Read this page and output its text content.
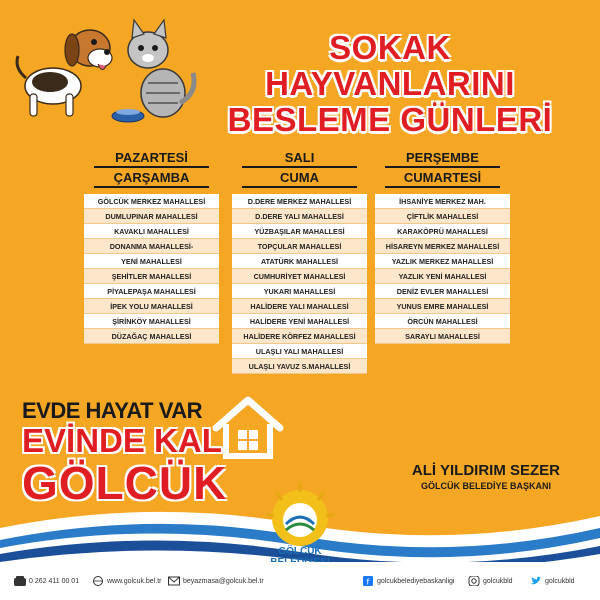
SOKAK HAYVANLARINI
BESLEME GÜNLERİ
PAZARTESİ
ÇARŞAMBA
GÖLCÜK MERKEZ MAHALLESİ
DUMLUPINAR MAHALLESİ
KAVAKLI MAHALLESİ
DONANMA MAHALLESİ-
YENİ MAHALLESİ
ŞEHİTLER MAHALLESİ
PİYALEPAŞA MAHALLESİ
İPEK YOLU MAHALLESİ
ŞİRİNKÖY MAHALLESİ
DÜZAĞAÇ MAHALLESİ
SALI
CUMA
D.DERE MERKEZ MAHALLESİ
D.DERE YALI MAHALLESİ
YÜZBAŞILAR MAHALLESİ
TOPÇULAR MAHALLESİ
ATATÜRK MAHALLESİ
CUMHURİYET MAHALLESİ
YUKARI MAHALLESİ
HALİDERE YALI MAHALLESİ
HALİDERE YENİ MAHALLESİ
HALİDERE KÖRFEZ MAHALLESİ
ULAŞLI YALI MAHALLESİ
ULAŞLI YAVUZ S.MAHALLESİ
PERŞEMBE
CUMARTESİ
İHSANİYE MERKEZ MAH.
ÇİFTLİK MAHALLESİ
KARAKÖPRÜ MAHALLESİ
HİSAREYN MERKEZ MAHALLESİ
YAZLIK MERKEZ MAHALLESİ
YAZLIK YENİ MAHALLESİ
DENİZ EVLER MAHALLESİ
YUNUS EMRE MAHALLESİ
ÖRCÜN MAHALLESİ
SARAYLI MAHALLESİ
EVDE HAYAT VAR
EVİNDE KAL
GÖLCÜK	ALİ YILDIRIM SEZER
GÖLCÜK BELEDİYE BAŞKANI
GÖLCÜK
0 262 411 00 01	www.golcuk.bel.tr	beyazmasa@golcuk.bel.tr	f golcukbelediyebaskanligi	golcukbld	golcukbld
